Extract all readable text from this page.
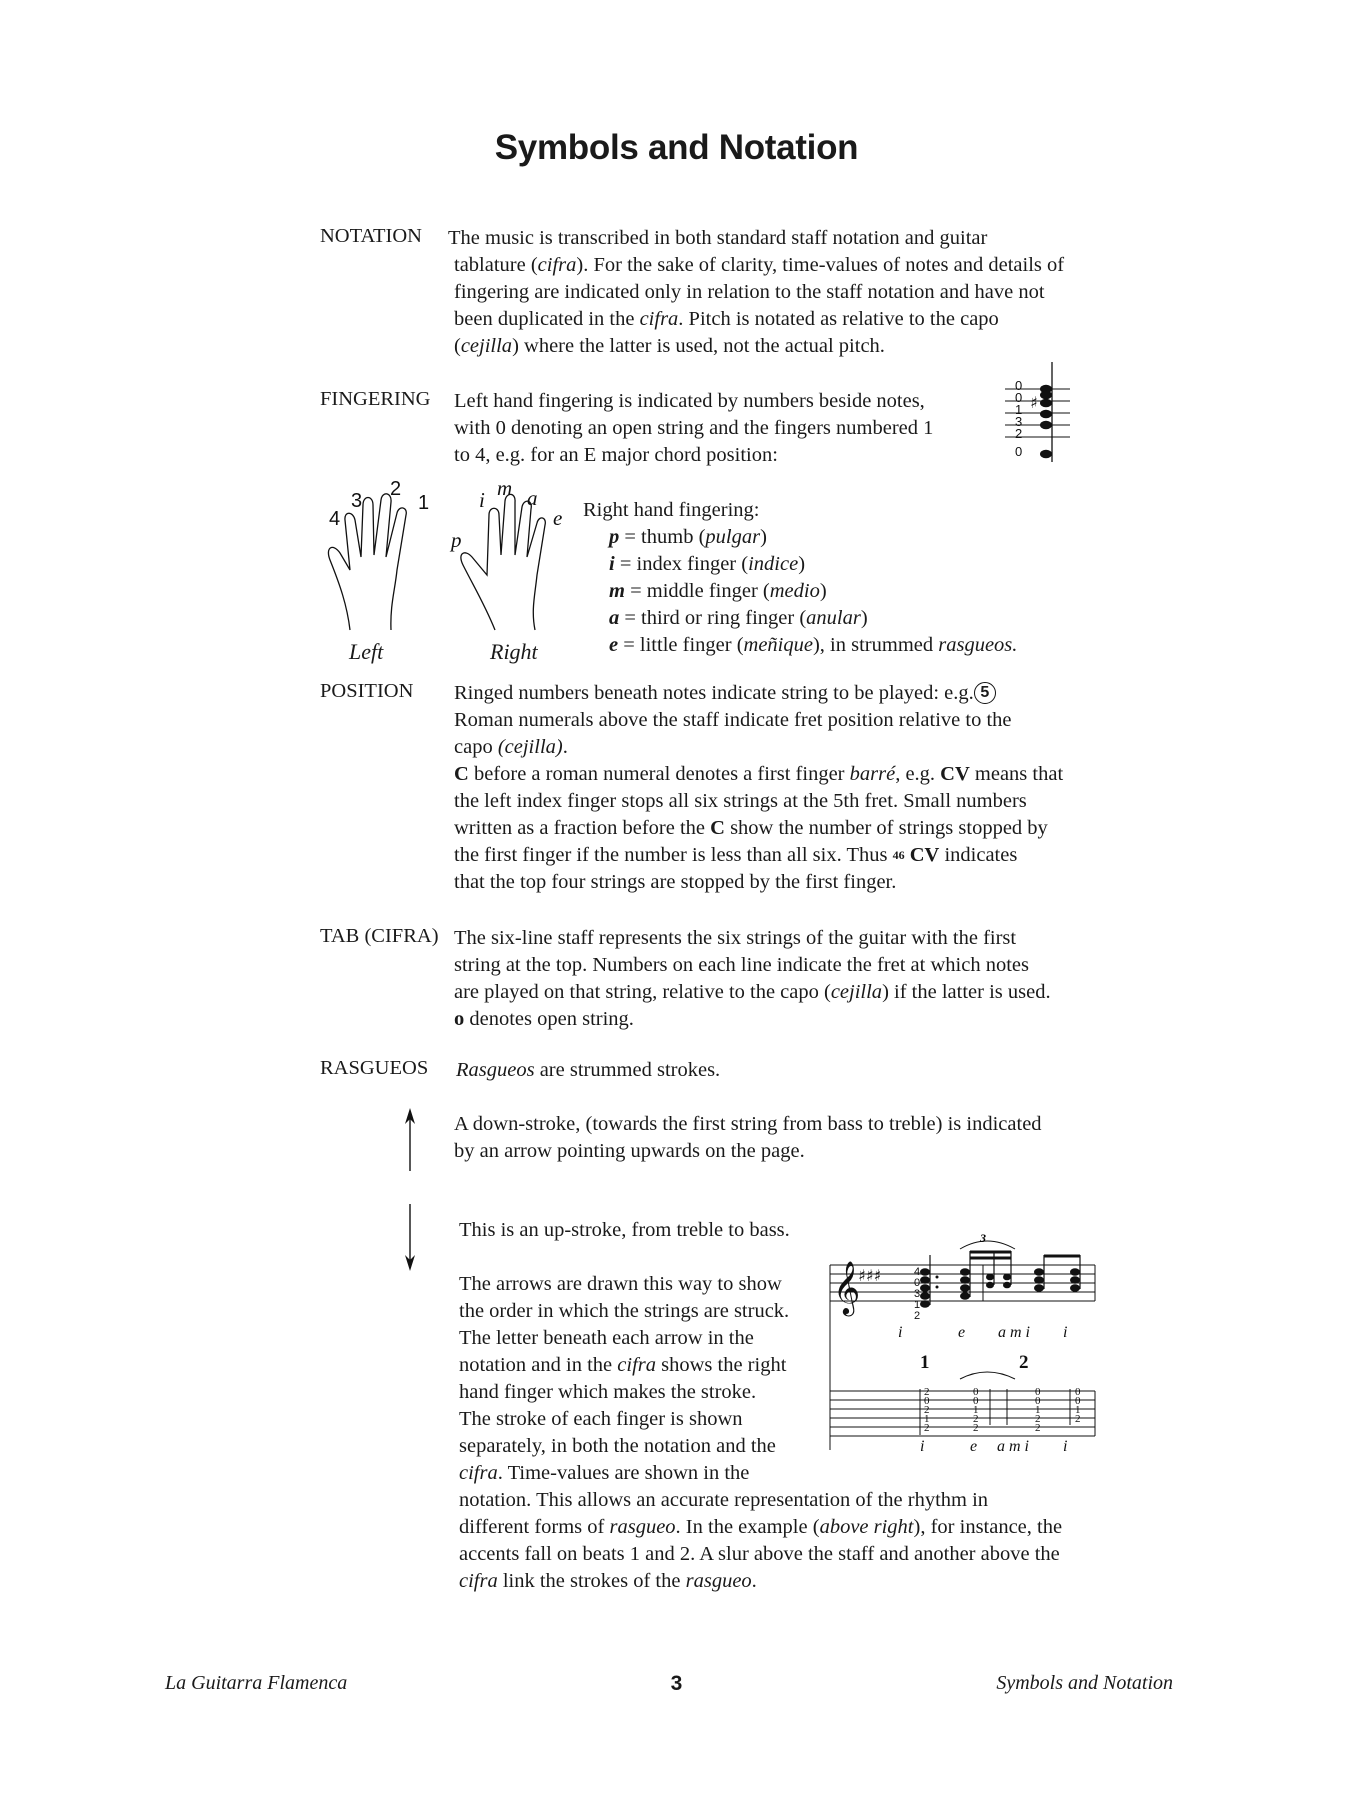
Symbols and Notation
NOTATION The music is transcribed in both standard staff notation and guitar

tablature (cifra). For the sake of clarity, time-values of notes and details of

fingering are indicated only in relation to the staff notation and have not

been duplicated in the cifra. Pitch is notated as relative to the capo

(cejilla) where the latter is used, not the actual pitch.

FINGERING Left hand fingering is indicated by numbers beside notes,

with 0 denoting an open string and the fingers numbered 1

to 4, e.g. for an E major chord position:

♯
0
0
1
3
2
0
4
3
2
1
p
i m a
e
Left	Right
Right hand fingering:

p = thumb (pulgar)

i = index finger (indice)

m = middle finger (medio)

a = third or ring finger (anular)

e = little finger (meñique), in strummed rasgueos.

POSITION Ringed numbers beneath notes indicate string to be played: e.g. 5

Roman numerals above the staff indicate fret position relative to the

capo (cejilla).

C before a roman numeral denotes a first finger barré, e.g. CV means that

the left index finger stops all six strings at the 5th fret. Small numbers

written as a fraction before the C show the number of strings stopped by

the first finger if the number is less than all six. Thus 46 CV indicates

that the top four strings are stopped by the first finger.

TAB (CIFRA) The six-line staff represents the six strings of the guitar with the first

string at the top. Numbers on each line indicate the fret at which notes

are played on that string, relative to the capo (cejilla) if the latter is used.

o denotes open string.

RASGUEOS Rasgueos are strummed strokes.

A down-stroke, (towards the first string from bass to treble) is indicated

by an arrow pointing upwards on the page.

This is an up-stroke, from treble to bass.

The arrows are drawn this way to show

the order in which the strings are struck.

The letter beneath each arrow in the

notation and in the cifra shows the right

hand finger which makes the stroke.

The stroke of each finger is shown

separately, in both the notation and the

cifra. Time-values are shown in the

notation. This allows an accurate representation of the rhythm in

different forms of rasgueo. In the example (above right), for instance, the

accents fall on beats 1 and 2. A slur above the staff and another above the

cifra link the strokes of the rasgueo.

𝄞
♯♯♯
3
4
0
3
1
2
i	e a m i i
1	2
2
0
2
1
2
0
0
1
2
2
0
0
1
2
2
0
0
1
2
i	e a m i i
La Guitarra Flamenca	3	Symbols and Notation
